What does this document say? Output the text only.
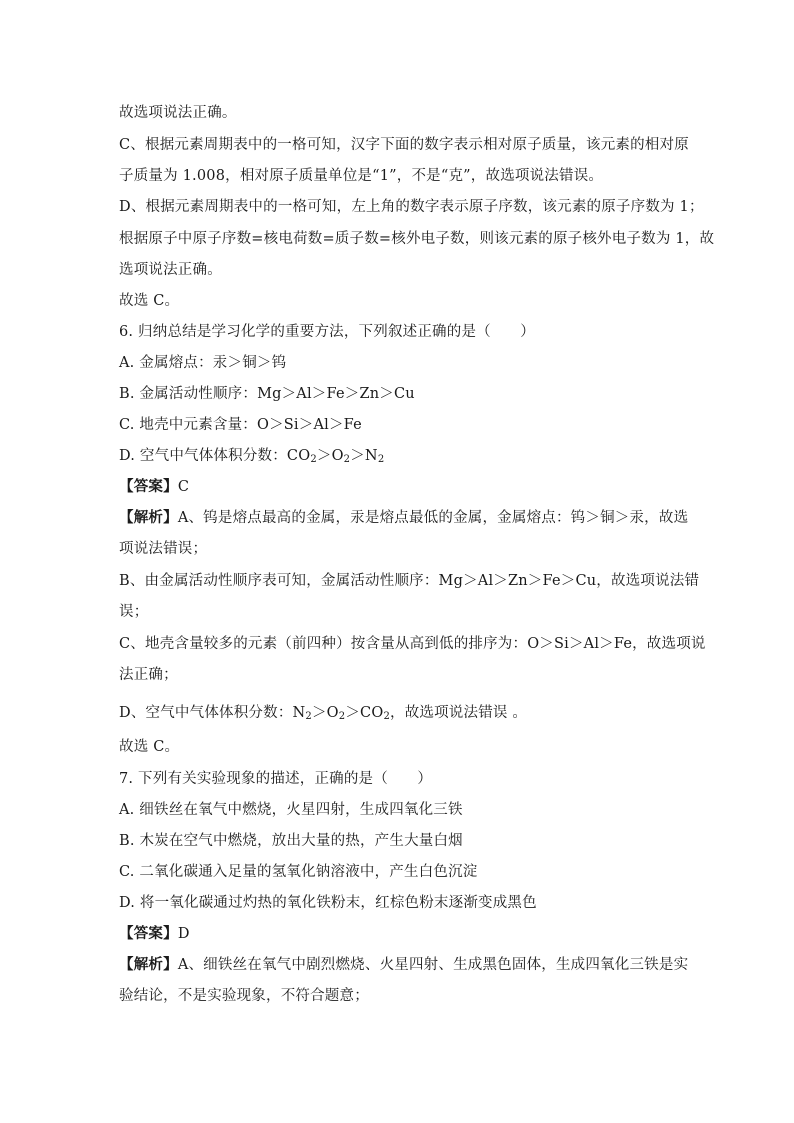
故选项说法正确。
C、根据元素周期表中的一格可知，汉字下面的数字表示相对原子质量，该元素的相对原
子质量为 1.008，相对原子质量单位是“1”，不是“克”，故选项说法错误。
D、根据元素周期表中的一格可知，左上角的数字表示原子序数，该元素的原子序数为 1；
根据原子中原子序数=核电荷数=质子数=核外电子数，则该元素的原子核外电子数为 1，故
选项说法正确。
故选 C。
6. 归纳总结是学习化学的重要方法，下列叙述正确的是（　　）
A. 金属熔点：汞＞铜＞钨
B. 金属活动性顺序：Mg＞Al＞Fe＞Zn＞Cu
C. 地壳中元素含量：O＞Si＞Al＞Fe
D. 空气中气体体积分数：$CO_2>O_2>N_2$
【答案】C
【解析】A、钨是熔点最高的金属，汞是熔点最低的金属，金属熔点：钨＞铜＞汞，故选
项说法错误；
B、由金属活动性顺序表可知，金属活动性顺序：Mg＞Al＞Zn＞Fe＞Cu，故选项说法错
误；
C、地壳含量较多的元素（前四种）按含量从高到低的排序为：O＞Si＞Al＞Fe，故选项说
法正确；
D、空气中气体体积分数：$N_2>O_2>CO_2$，故选项说法错误 。
故选 C。
7. 下列有关实验现象的描述，正确的是（　　）
A. 细铁丝在氧气中燃烧，火星四射，生成四氧化三铁
B. 木炭在空气中燃烧，放出大量的热，产生大量白烟
C. 二氧化碳通入足量的氢氧化钠溶液中，产生白色沉淀
D. 将一氧化碳通过灼热的氧化铁粉末，红棕色粉末逐渐变成黑色
【答案】D
【解析】A、细铁丝在氧气中剧烈燃烧、火星四射、生成黑色固体，生成四氧化三铁是实
验结论，不是实验现象，不符合题意；
